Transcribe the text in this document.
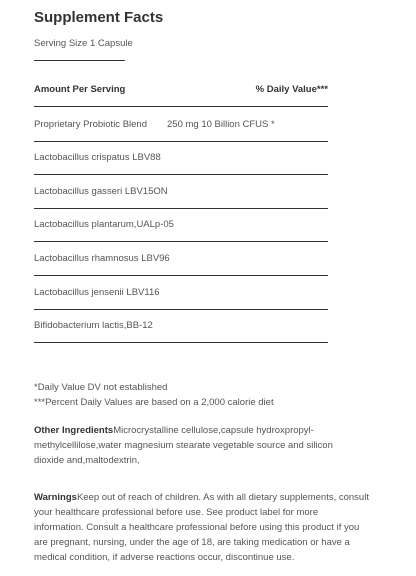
Supplement Facts
Serving Size 1 Capsule
Amount Per Serving	% Daily Value***
Proprietary Probiotic Blend 250 mg 10 Billion CFUS *
Lactobacillus crispatus LBV88
Lactobacillus gasseri LBV15ON
Lactobacillus plantarum,UALp-05
Lactobacillus rhamnosus LBV96
Lactobacillus jensenii LBV116
Bifidobacterium lactis,BB-12
*Daily Value DV not established
***Percent Daily Values are based on a 2,000 calorie diet
Other IngredientsMicrocrystalline cellulose,capsule hydroxpropyl-methylcellilose,water magnesium stearate vegetable source and silicon dioxide and,maltodextrin,
WarningsKeep out of reach of children. As with all dietary supplements, consult your healthcare professional before use. See product label for more information. Consult a healthcare professional before using this product if you are pregnant, nursing, under the age of 18, are taking medication or have a medical condition, if adverse reactions occur, discontinue use.
